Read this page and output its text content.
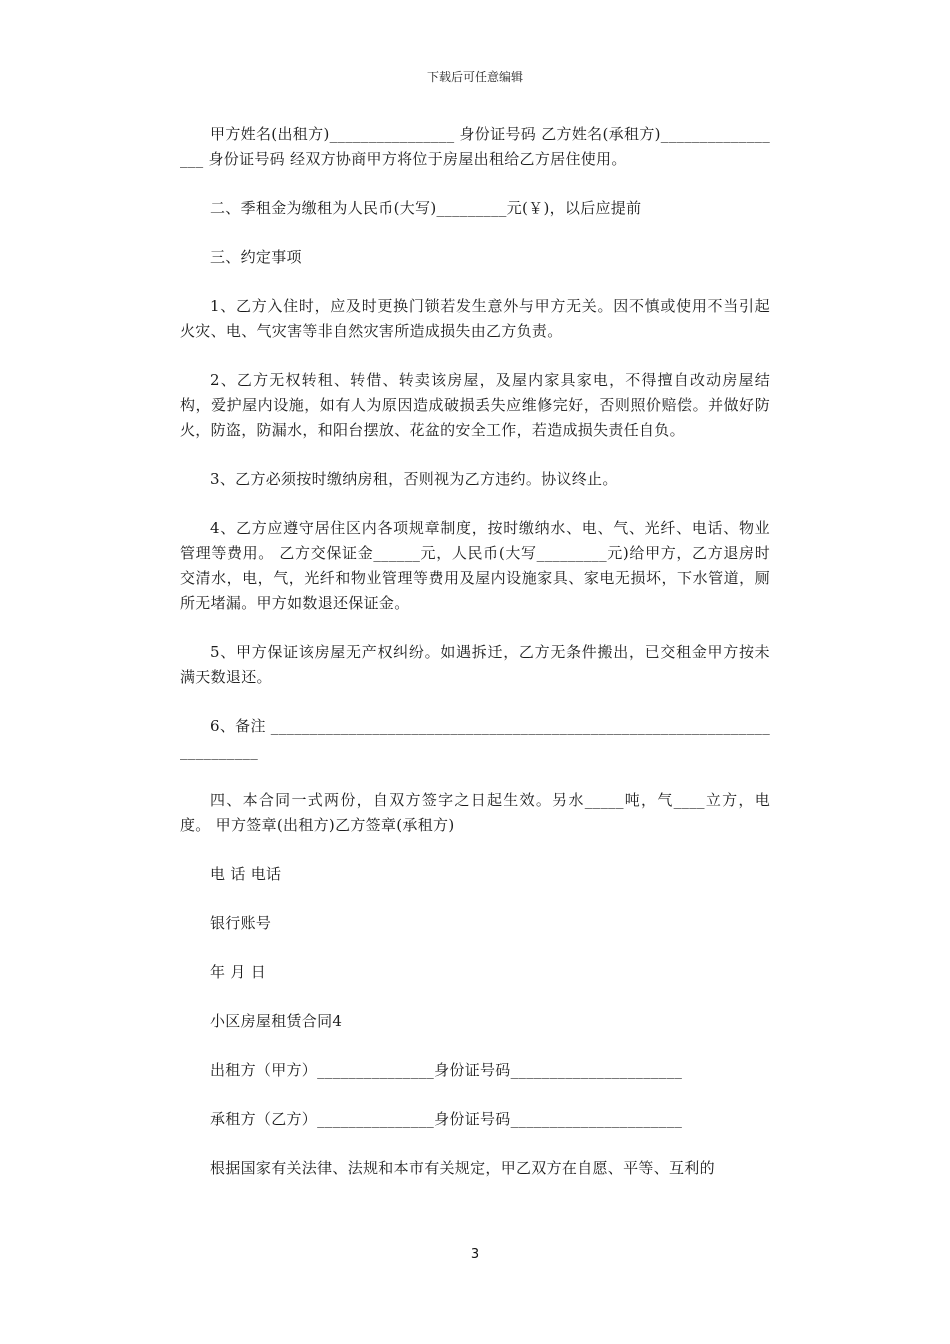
下载后可任意编辑

甲方姓名(出租方)________________ 身份证号码 乙方姓名(承租方)_________________ 身份证号码 经双方协商甲方将位于房屋出租给乙方居住使用。

二、季租金为缴租为人民币(大写)_________元(￥)，以后应提前

三、约定事项

1、乙方入住时，应及时更换门锁若发生意外与甲方无关。因不慎或使用不当引起火灾、电、气灾害等非自然灾害所造成损失由乙方负责。

2、乙方无权转租、转借、转卖该房屋，及屋内家具家电，不得擅自改动房屋结构，爱护屋内设施，如有人为原因造成破损丢失应维修完好，否则照价赔偿。并做好防火，防盗，防漏水，和阳台摆放、花盆的安全工作，若造成损失责任自负。

3、乙方必须按时缴纳房租，否则视为乙方违约。协议终止。

4、乙方应遵守居住区内各项规章制度，按时缴纳水、电、气、光纤、电话、物业管理等费用。 乙方交保证金______元，人民币(大写_________元)给甲方，乙方退房时交清水，电，气，光纤和物业管理等费用及屋内设施家具、家电无损坏，下水管道，厕所无堵漏。甲方如数退还保证金。

5、甲方保证该房屋无产权纠纷。如遇拆迁，乙方无条件搬出，已交租金甲方按未满天数退还。

6、备注 __________________________________________________________________________

四、本合同一式两份，自双方签字之日起生效。另水_____吨，气____立方，电 度。 甲方签章(出租方)乙方签章(承租方)

电 话 电话

银行账号

年 月 日

小区房屋租赁合同4

出租方（甲方）_______________身份证号码______________________

承租方（乙方）_______________身份证号码______________________

根据国家有关法律、法规和本市有关规定，甲乙双方在自愿、平等、互利的

3
